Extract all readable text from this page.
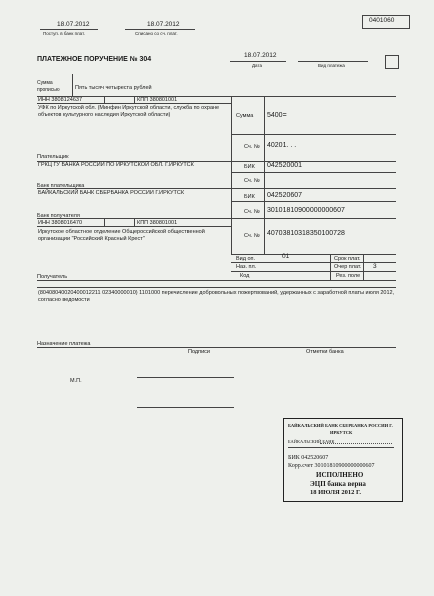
0401060
18.07.2012
Поступ. в банк плат.
18.07.2012
Списано со сч. плат.
ПЛАТЕЖНОЕ ПОРУЧЕНИЕ № 304
18.07.2012
Дата	Вид платежа
Сумма прописью	Пять тысяч четыреста рублей
ИНН 3808124637	КПП 380801001
УФК по Иркутской обл. (Минфин Иркутской области, служба по охране объектов культурного наследия Иркутской области)	Сумма 5400=
Сч. № 40201. . .
Плательщик
ГРКЦ ГУ БАНКА РОССИИ ПО ИРКУТСКОЙ ОБЛ. Г.ИРКУТСК	БИК 042520001
Сч. №
Банк плательщика
БАЙКАЛЬСКИЙ БАНК СБЕРБАНКА РОССИИ Г.ИРКУТСК
БИК 042520607
Сч. № 30101810900000000607
Банк получателя
ИНН 3808016470	КПП 380801001
Иркутское областное отделение Общероссийской общественной организации "Российский Красный Крест"	Сч. № 40703810318350100728
Вид оп.	01	Срок плат.
Наз. пл.	Очер плат. 3
Код	Рез. поле
Получатель
(80408040020400012211 02340000010) 1101000 перечисление добровольных пожертвований, удержанных с заработной платы июля 2012, согласно ведомости
Назначение платежа
Подписи	Отметки банка
М.П.
БАЙКАЛЬСКИЙ БАНК СБЕРБАНКА РОССИИ Г.
ИРКУТСК
БАЙКАЛЬСКИЙ БАНК
БИК 042520607
Корр.счет 30101810900000000607
ИСПОЛНЕНО
ЭЦП банка верна
18 ИЮЛЯ 2012 Г.
